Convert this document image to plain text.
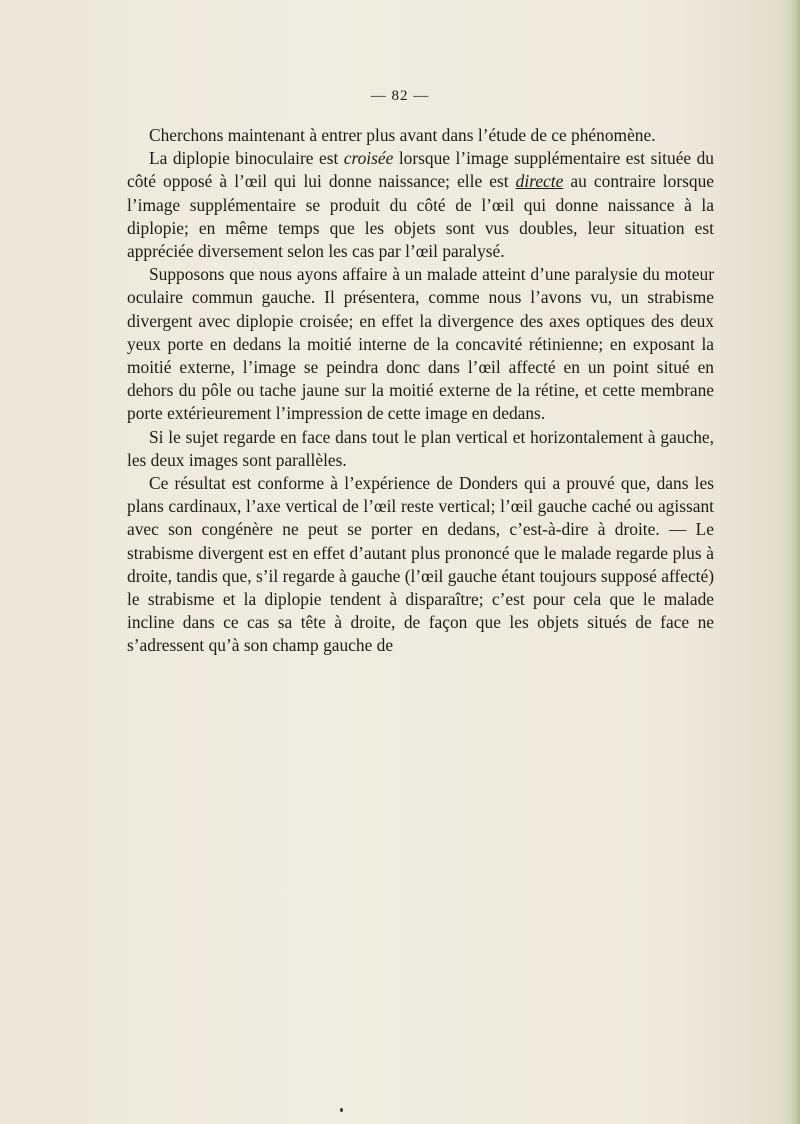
— 82 —

Cherchons maintenant à entrer plus avant dans l’étude de ce phénomène.

La diplopie binoculaire est croisée lorsque l’image supplémentaire est située du côté opposé à l’œil qui lui donne naissance; elle est directe au contraire lorsque l’image supplémentaire se produit du côté de l’œil qui donne naissance à la diplopie; en même temps que les objets sont vus doubles, leur situation est appréciée diversement selon les cas par l’œil paralysé.

Supposons que nous ayons affaire à un malade atteint d’une paralysie du moteur oculaire commun gauche. Il présentera, comme nous l’avons vu, un strabisme divergent avec diplopie croisée; en effet la divergence des axes optiques des deux yeux porte en dedans la moitié interne de la concavité rétinienne; en exposant la moitié externe, l’image se peindra donc dans l’œil affecté en un point situé en dehors du pôle ou tache jaune sur la moitié externe de la rétine, et cette membrane porte extérieurement l’impression de cette image en dedans.

Si le sujet regarde en face dans tout le plan vertical et horizontalement à gauche, les deux images sont parallèles.

Ce résultat est conforme à l’expérience de Donders qui a prouvé que, dans les plans cardinaux, l’axe vertical de l’œil reste vertical; l’œil gauche caché ou agissant avec son congénère ne peut se porter en dedans, c’est-à-dire à droite. — Le strabisme divergent est en effet d’autant plus prononcé que le malade regarde plus à droite, tandis que, s’il regarde à gauche (l’œil gauche étant toujours supposé affecté) le strabisme et la diplopie tendent à disparaître; c’est pour cela que le malade incline dans ce cas sa tête à droite, de façon que les objets situés de face ne s’adressent qu’à son champ gauche de
